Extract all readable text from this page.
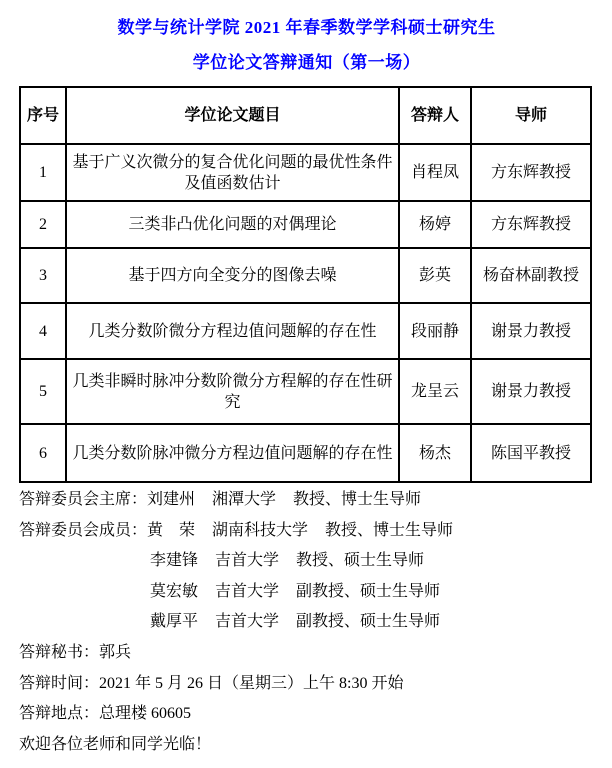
数学与统计学院 2021 年春季数学学科硕士研究生
学位论文答辩通知（第一场）
序号	学位论文题目	答辩人	导师
1	基于广义次微分的复合优化问题的最优性条件及值函数估计	肖程凤	方东辉教授
2	三类非凸优化问题的对偶理论	杨婷	方东辉教授
3	基于四方向全变分的图像去噪	彭英	杨奋林副教授
4	几类分数阶微分方程边值问题解的存在性	段丽静	谢景力教授
5	几类非瞬时脉冲分数阶微分方程解的存在性研究	龙呈云	谢景力教授
6	几类分数阶脉冲微分方程边值问题解的存在性	杨杰	陈国平教授
答辩委员会主席：刘建州 湘潭大学 教授、博士生导师
答辩委员会成员：黄　荣 湖南科技大学 教授、博士生导师
李建锋 吉首大学 教授、硕士生导师
莫宏敏 吉首大学 副教授、硕士生导师
戴厚平 吉首大学 副教授、硕士生导师
答辩秘书：郭兵
答辩时间：2021 年 5 月 26 日（星期三）上午 8:30 开始
答辩地点：总理楼 60605
欢迎各位老师和同学光临！
